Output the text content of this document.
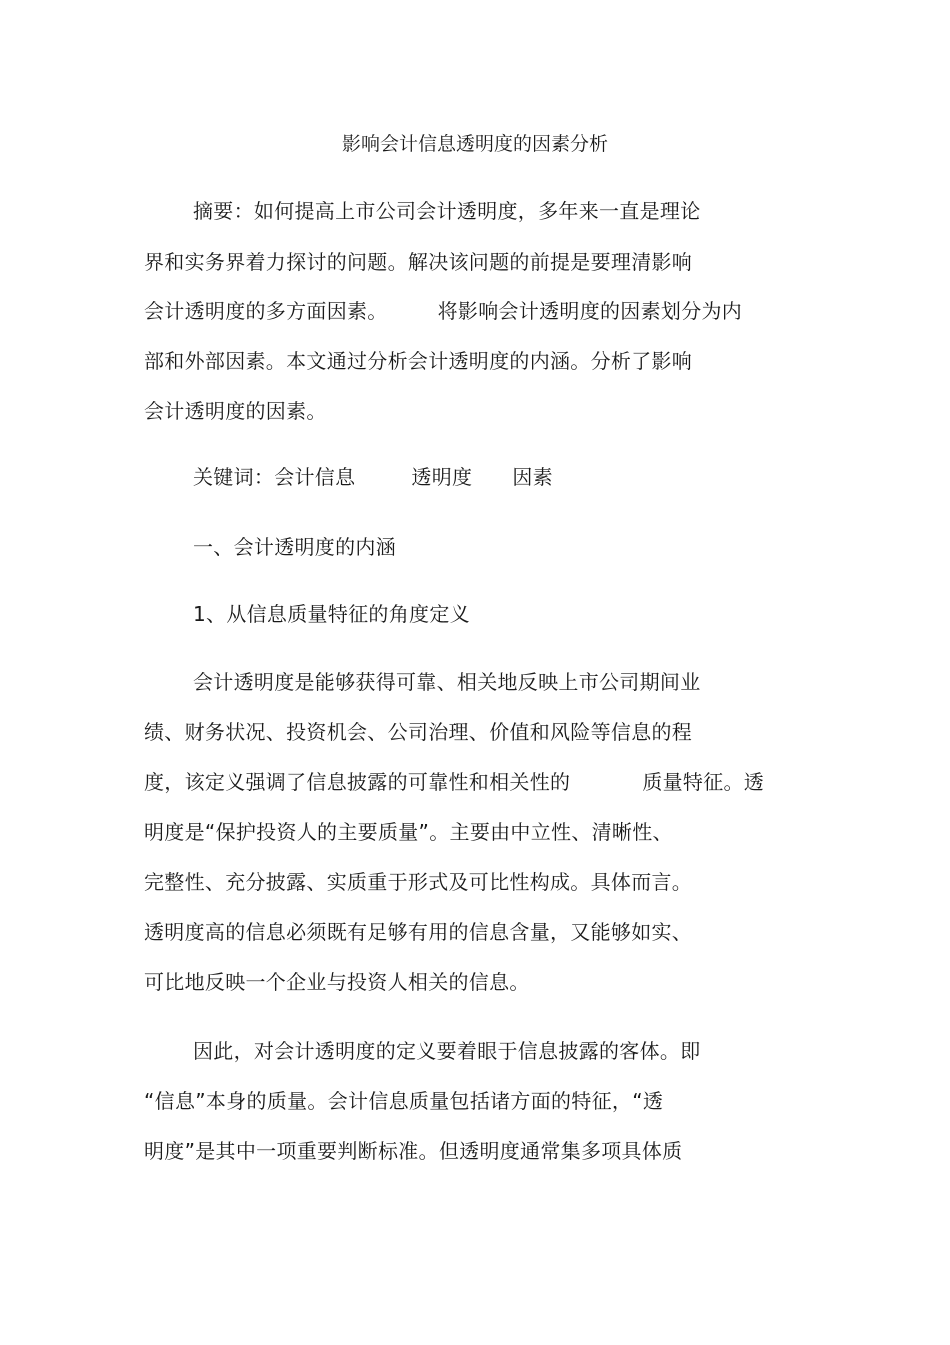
影响会计信息透明度的因素分析
摘要：如何提高上市公司会计透明度，多年来一直是理论
界和实务界着力探讨的问题。解决该问题的前提是要理清影响
会计透明度的多方面因素。	将影响会计透明度的因素划分为内
部和外部因素。本文通过分析会计透明度的内涵。分析了影响
会计透明度的因素。
关键词：会计信息	透明度 因素
一、会计透明度的内涵
1、从信息质量特征的角度定义
会计透明度是能够获得可靠、相关地反映上市公司期间业
绩、财务状况、投资机会、公司治理、价值和风险等信息的程
度，该定义强调了信息披露的可靠性和相关性的	质量特征。透
明度是“保护投资人的主要质量”。主要由中立性、清晰性、
完整性、充分披露、实质重于形式及可比性构成。具体而言。
透明度高的信息必须既有足够有用的信息含量，又能够如实、
可比地反映一个企业与投资人相关的信息。
因此，对会计透明度的定义要着眼于信息披露的客体。即
“信息”本身的质量。会计信息质量包括诸方面的特征，“透
明度”是其中一项重要判断标准。但透明度通常集多项具体质
